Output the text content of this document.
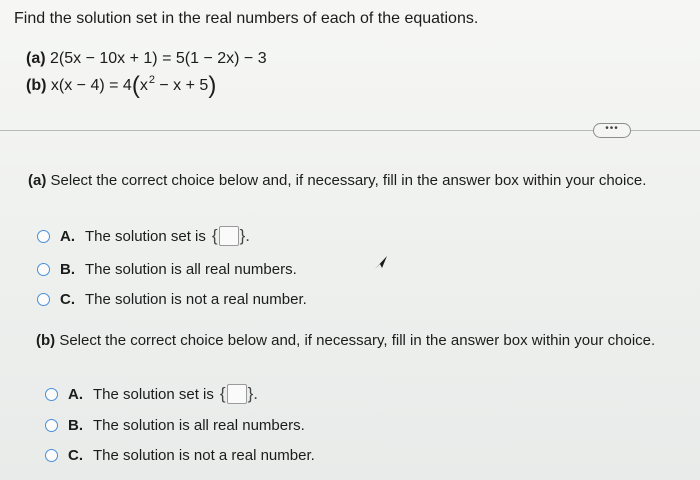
Find the solution set in the real numbers of each of the equations.
(a) 2(5x − 10x + 1) = 5(1 − 2x) − 3
(b) $x(x - 4) = 4(x^2 - x + 5)$
•••
(a) Select the correct choice below and, if necessary, fill in the answer box within your choice.
A. The solution set is { }.
B. The solution is all real numbers.
C. The solution is not a real number.
(b) Select the correct choice below and, if necessary, fill in the answer box within your choice.
A. The solution set is { }.
B. The solution is all real numbers.
C. The solution is not a real number.
